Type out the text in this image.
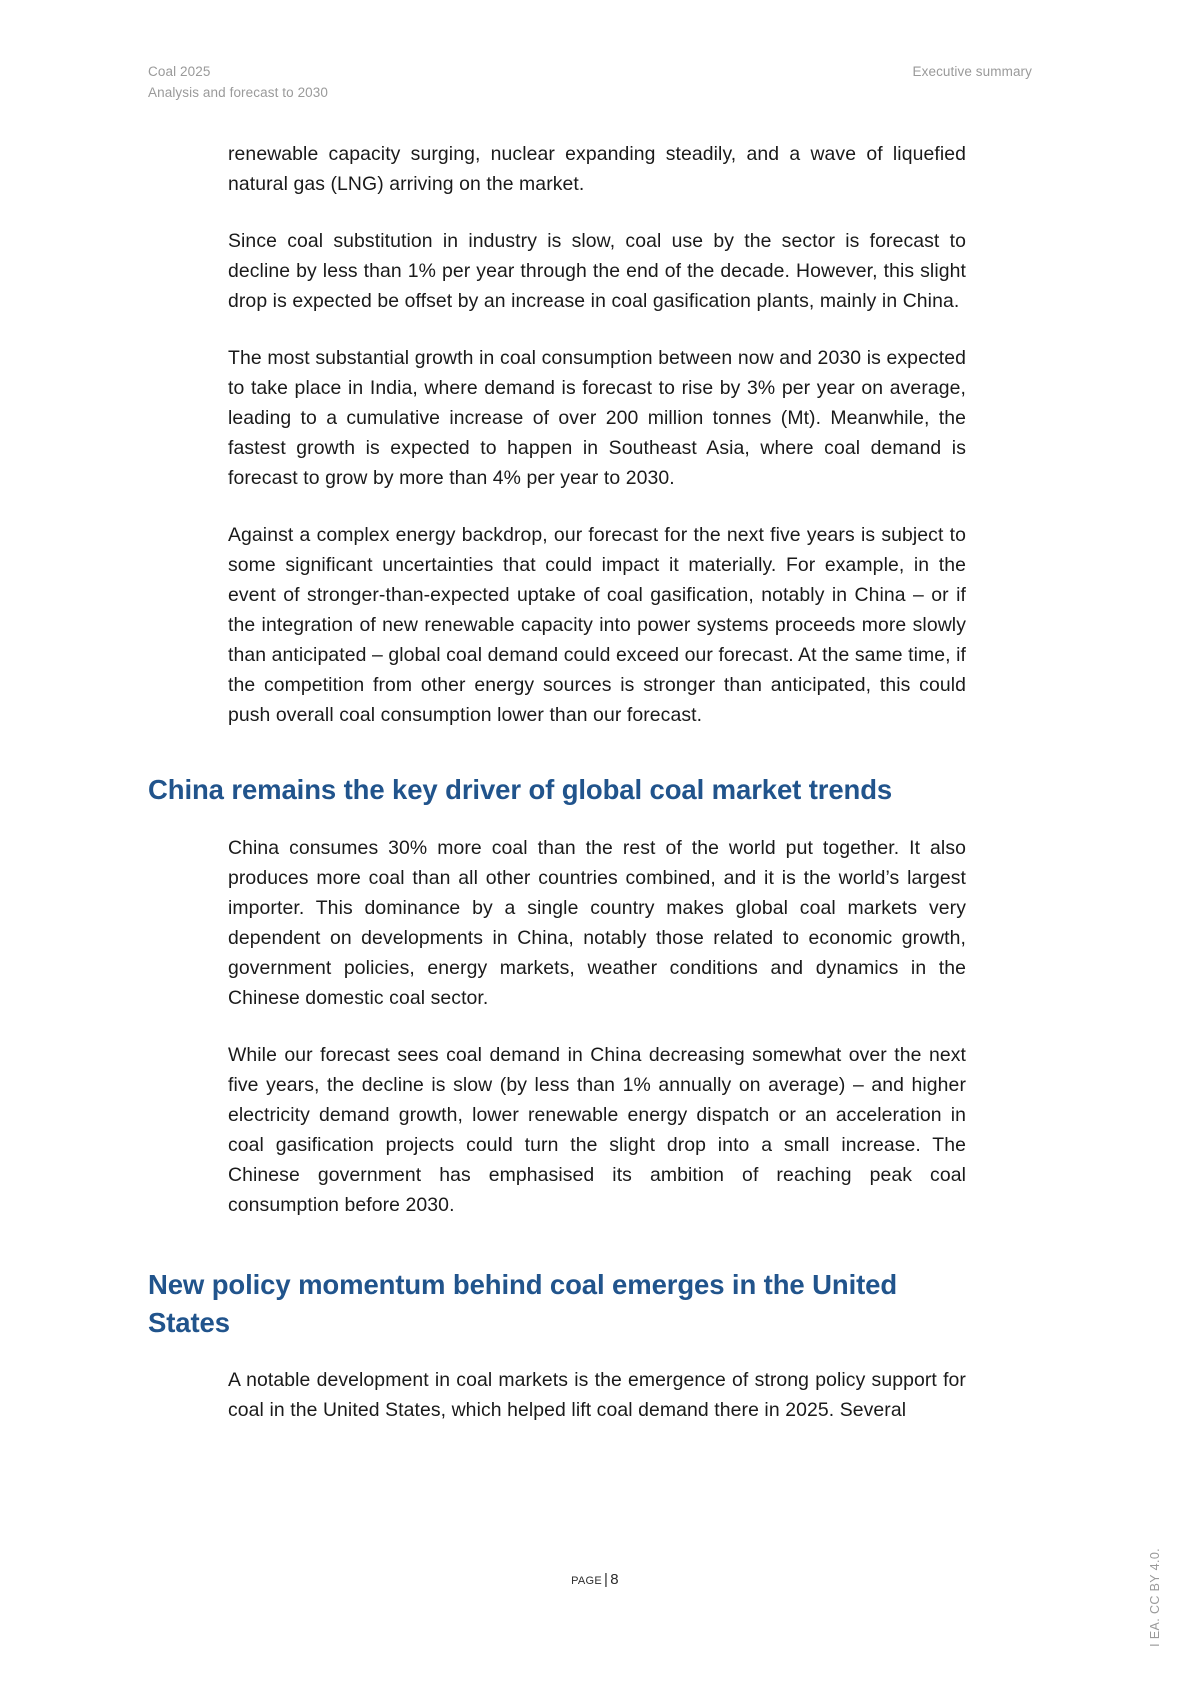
Coal 2025
Analysis and forecast to 2030
Executive summary

renewable capacity surging, nuclear expanding steadily, and a wave of liquefied natural gas (LNG) arriving on the market.

Since coal substitution in industry is slow, coal use by the sector is forecast to decline by less than 1% per year through the end of the decade. However, this slight drop is expected be offset by an increase in coal gasification plants, mainly in China.

The most substantial growth in coal consumption between now and 2030 is expected to take place in India, where demand is forecast to rise by 3% per year on average, leading to a cumulative increase of over 200 million tonnes (Mt). Meanwhile, the fastest growth is expected to happen in Southeast Asia, where coal demand is forecast to grow by more than 4% per year to 2030.

Against a complex energy backdrop, our forecast for the next five years is subject to some significant uncertainties that could impact it materially. For example, in the event of stronger-than-expected uptake of coal gasification, notably in China – or if the integration of new renewable capacity into power systems proceeds more slowly than anticipated – global coal demand could exceed our forecast. At the same time, if the competition from other energy sources is stronger than anticipated, this could push overall coal consumption lower than our forecast.

China remains the key driver of global coal market trends

China consumes 30% more coal than the rest of the world put together. It also produces more coal than all other countries combined, and it is the world’s largest importer. This dominance by a single country makes global coal markets very dependent on developments in China, notably those related to economic growth, government policies, energy markets, weather conditions and dynamics in the Chinese domestic coal sector.

While our forecast sees coal demand in China decreasing somewhat over the next five years, the decline is slow (by less than 1% annually on average) – and higher electricity demand growth, lower renewable energy dispatch or an acceleration in coal gasification projects could turn the slight drop into a small increase. The Chinese government has emphasised its ambition of reaching peak coal consumption before 2030.

New policy momentum behind coal emerges in the United States

A notable development in coal markets is the emergence of strong policy support for coal in the United States, which helped lift coal demand there in 2025. Several

page | 8	I EA. CC BY 4.0.
